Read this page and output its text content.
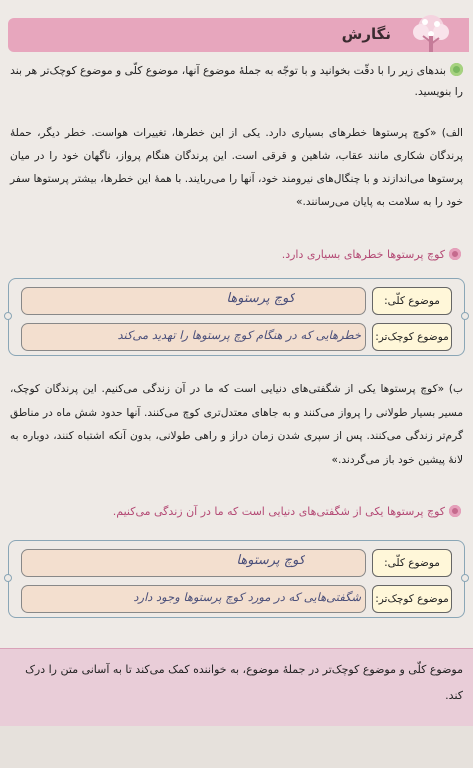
نگارش
بندهای زیر را با دقّت بخوانید و با توجّه به جملهٔ موضوع آنها، موضوع کلّی و موضوع کوچک‌تر هر بند را بنویسید.
الف) «کوچ پرستوها خطرهای بسیاری دارد. یکی از این خطرها، تغییرات هواست. خطر دیگر، حملهٔ پرندگان شکاری مانند عقاب، شاهین و قرقی است. این پرندگان هنگام پرواز، ناگهان خود را در میان پرستوها می‌اندازند و با چنگال‌های نیرومند خود، آنها را می‌ربایند. با همهٔ این خطرها، بیشتر پرستوها سفر خود را به سلامت به پایان می‌رسانند.»
کوچ پرستوها خطرهای بسیاری دارد.
موضوع کلّی:
کوچ پرستوها
موضوع کوچک‌تر:
خطرهایی که در هنگام کوچ پرستوها را تهدید می‌کند
ب) «کوچ پرستوها یکی از شگفتی‌های دنیایی است که ما در آن زندگی می‌کنیم. این پرندگان کوچک، مسیر بسیار طولانی را پرواز می‌کنند و به جاهای معتدل‌تری کوچ می‌کنند. آنها حدود شش ماه در مناطق گرم‌تر زندگی می‌کنند. پس از سپری شدن زمان دراز و راهی طولانی، بدون آنکه اشتباه کنند، دوباره به لانهٔ پیشین خود باز می‌گردند.»
کوچ پرستوها یکی از شگفتی‌های دنیایی است که ما در آن زندگی می‌کنیم.
موضوع کلّی:
کوچ پرستوها
موضوع کوچک‌تر:
شگفتی‌هایی که در مورد کوچ پرستوها وجود دارد
موضوع کلّی و موضوع کوچک‌تر در جملهٔ موضوع، به خواننده کمک می‌کند تا به آسانی متن را درک کند.
